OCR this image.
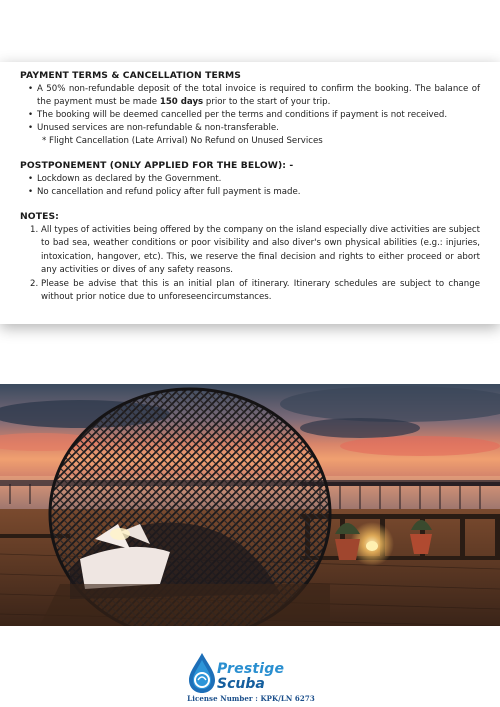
PAYMENT TERMS & CANCELLATION TERMS
• A 50% non-refundable deposit of the total invoice is required to confirm the booking. The balance of the payment must be made 150 days prior to the start of your trip.
• The booking will be deemed cancelled per the terms and conditions if payment is not received.
• Unused services are non-refundable & non-transferable.
* Flight Cancellation (Late Arrival) No Refund on Unused Services
POSTPONEMENT (ONLY APPLIED FOR THE BELOW): -
• Lockdown as declared by the Government.
• No cancellation and refund policy after full payment is made.
NOTES:
1. All types of activities being offered by the company on the island especially dive activities are subject to bad sea, weather conditions or poor visibility and also diver's own physical abilities (e.g.: injuries, intoxication, hangover, etc). This, we reserve the final decision and rights to either proceed or abort any activities or dives of any safety reasons.
2. Please be advise that this is an initial plan of itinerary. Itinerary schedules are subject to change without prior notice due to unforeseencircumstances.
Prestige
Scuba
License Number : KPK/LN 6273
